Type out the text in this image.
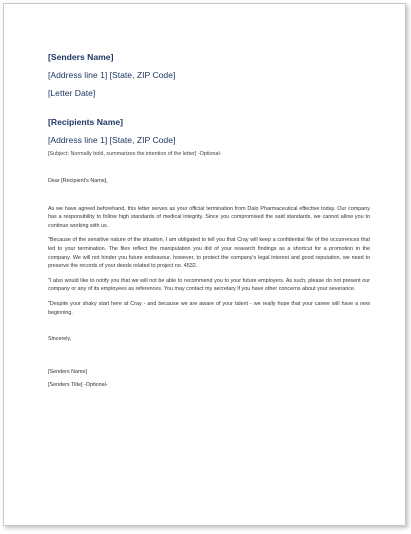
[Senders Name]
[Address line 1] [State, ZIP Code]
[Letter Date]
[Recipients Name]
[Address line 1] [State, ZIP Code]
[Subject: Normally bold, summarizes the intention of the letter] -Optional-
Dear [Recipient's Name],

As we have agreed beforehand, this letter serves as your official termination from Dalo Pharmaceutical effective today. Our company has a responsibility to follow high standards of medical integrity. Since you compromised the said standards, we cannot allow you to continue working with us.

"Because of the sensitive nature of the situation, I am obligated to tell you that Cray will keep a confidential file of the occurrences that led to your termination. The files reflect the manipulation you did of your research findings as a shortcut for a promotion in the company. We will not hinder you future endeavour, however, to protect the company's legal interest and good reputation, we need to preserve the records of your deeds related to project no. 4532.

"I also would like to notify you that we will not be able to recommend you to your future employers. As such, please do not present our company or any of its employees as references. You may contact my secretary if you have other concerns about your severance.

"Despite your shaky start here at Cray - and because we are aware of your talent - we really hope that your career will have a new beginning.

Sincerely,
[Senders Name]
[Senders Title] -Optional-
